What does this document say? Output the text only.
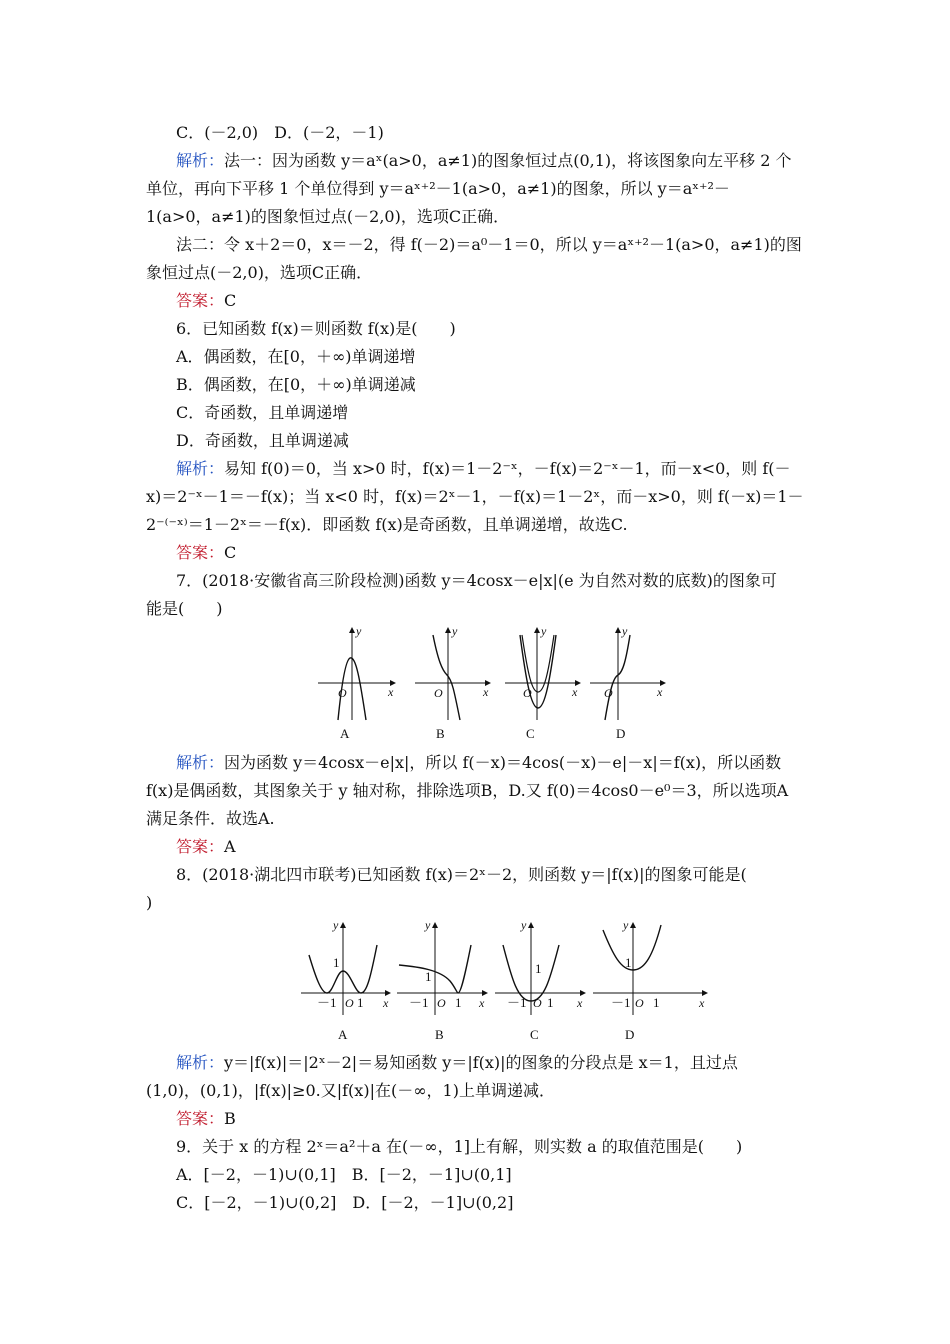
C．(－2,0)　D．(－2，－1)
解析：法一：因为函数 y＝aˣ(a>0，a≠1)的图象恒过点(0,1)，将该图象向左平移 2 个
单位，再向下平移 1 个单位得到 y＝aˣ⁺²－1(a>0，a≠1)的图象，所以 y＝aˣ⁺²－
1(a>0，a≠1)的图象恒过点(－2,0)，选项C正确．
法二：令 x＋2＝0，x＝－2，得 f(－2)＝a⁰－1＝0，所以 y＝aˣ⁺²－1(a>0，a≠1)的图
象恒过点(－2,0)，选项C正确．
答案：C
6．已知函数 f(x)＝则函数 f(x)是(　　)
A．偶函数，在[0，＋∞)单调递增
B．偶函数，在[0，＋∞)单调递减
C．奇函数，且单调递增
D．奇函数，且单调递减
解析：易知 f(0)＝0，当 x>0 时，f(x)＝1－2⁻ˣ，－f(x)＝2⁻ˣ－1，而－x<0，则 f(－
x)＝2⁻ˣ－1＝－f(x)；当 x<0 时，f(x)＝2ˣ－1，－f(x)＝1－2ˣ，而－x>0，则 f(－x)＝1－
2⁻⁽⁻ˣ⁾＝1－2ˣ＝－f(x)．即函数 f(x)是奇函数，且单调递增，故选C.
答案：C
7．(2018·安徽省高三阶段检测)函数 y＝4cosx－e|x|(e 为自然对数的底数)的图象可
能是(　　)
y
x
O
A
y
x
O
B
y
x
O
C
y
x
O
D
解析：因为函数 y＝4cosx－e|x|，所以 f(－x)＝4cos(－x)－e|－x|＝f(x)，所以函数
f(x)是偶函数，其图象关于 y 轴对称，排除选项B，D.又 f(0)＝4cos0－e⁰＝3，所以选项A
满足条件．故选A.
答案：A
8．(2018·湖北四市联考)已知函数 f(x)＝2ˣ－2，则函数 y＝|f(x)|的图象可能是(
)
y
x
1
－1 O 1
A
y
x
1
－1 O 1
B
y
x
1
－1 O 1
C
y
x
1
－1 O 1
D
解析：y＝|f(x)|＝|2ˣ－2|＝易知函数 y＝|f(x)|的图象的分段点是 x＝1，且过点
(1,0)，(0,1)，|f(x)|≥0.又|f(x)|在(－∞，1)上单调递减．
答案：B
9．关于 x 的方程 2ˣ＝a²＋a 在(－∞，1]上有解，则实数 a 的取值范围是(　　)
A．[－2，－1)∪(0,1]　B．[－2，－1]∪(0,1]
C．[－2，－1)∪(0,2]　D．[－2，－1]∪(0,2]
